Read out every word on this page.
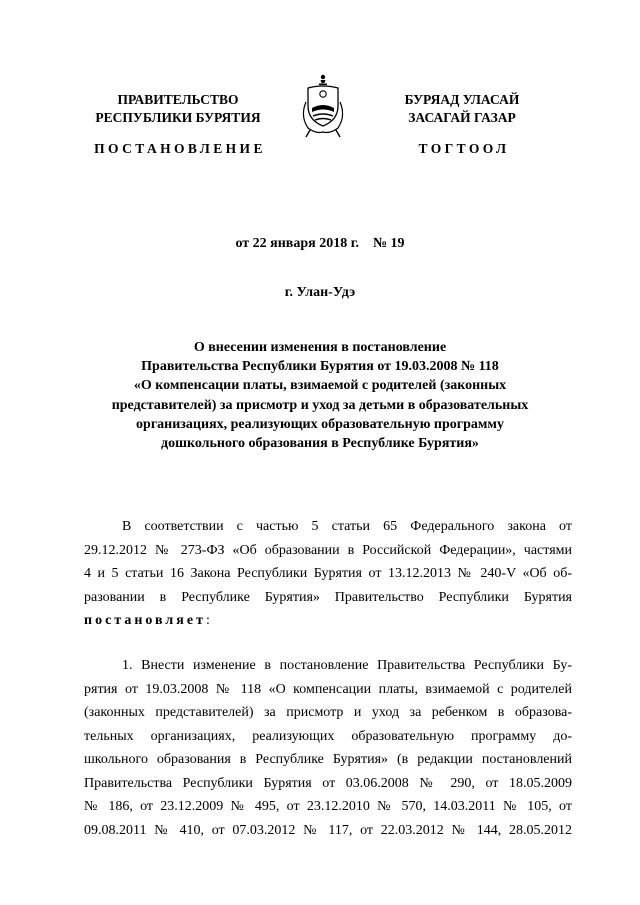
ПРАВИТЕЛЬСТВО
РЕСПУБЛИКИ БУРЯТИЯ
БУРЯАД УЛАСАЙ
ЗАСАГАЙ ГАЗАР
ПОСТАНОВЛЕНИЕ	ТОГТООЛ
от 22 января 2018 г. № 19
г. Улан-Удэ
О внесении изменения в постановление
Правительства Республики Бурятия от 19.03.2008 № 118
«О компенсации платы, взимаемой с родителей (законных
представителей) за присмотр и уход за детьми в образовательных
организациях, реализующих образовательную программу
дошкольного образования в Республике Бурятия»
В соответствии с частью 5 статьи 65 Федерального закона от
29.12.2012 № 273-ФЗ «Об образовании в Российской Федерации», частями
4 и 5 статьи 16 Закона Республики Бурятия от 13.12.2013 № 240-V «Об об-
разовании в Республике Бурятия» Правительство Республики Бурятия
постановляет:
1. Внести изменение в постановление Правительства Республики Бу-
рятия от 19.03.2008 № 118 «О компенсации платы, взимаемой с родителей
(законных представителей) за присмотр и уход за ребенком в образова-
тельных организациях, реализующих образовательную программу до-
школьного образования в Республике Бурятия» (в редакции постановлений
Правительства Республики Бурятия от 03.06.2008 № 290, от 18.05.2009
№ 186, от 23.12.2009 № 495, от 23.12.2010 № 570, 14.03.2011 № 105, от
09.08.2011 № 410, от 07.03.2012 № 117, от 22.03.2012 № 144, 28.05.2012
